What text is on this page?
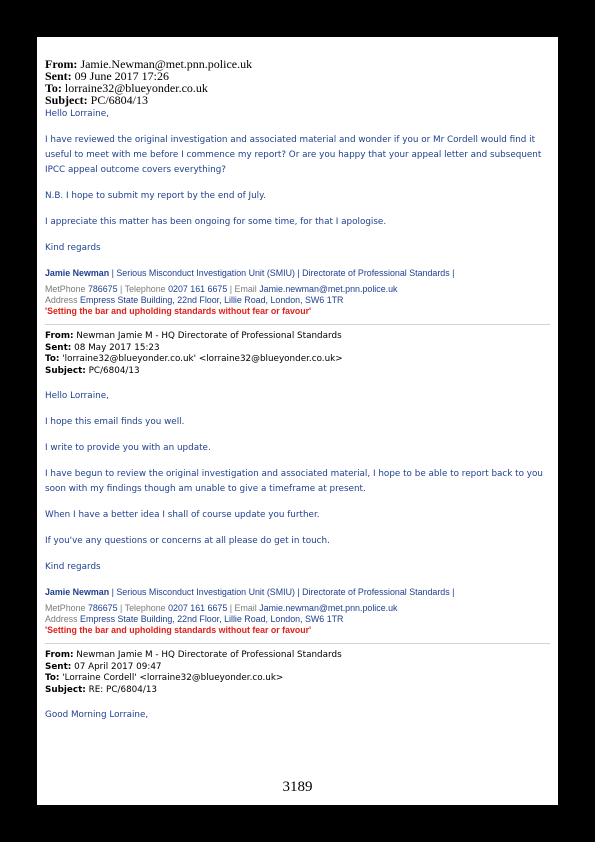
From: Jamie.Newman@met.pnn.police.uk
Sent: 09 June 2017 17:26
To: lorraine32@blueyonder.co.uk
Subject: PC/6804/13

Hello Lorraine,

I have reviewed the original investigation and associated material and wonder if you or Mr Cordell would find it useful to meet with me before I commence my report? Or are you happy that your appeal letter and subsequent IPCC appeal outcome covers everything?

N.B. I hope to submit my report by the end of July.

I appreciate this matter has been ongoing for some time, for that I apologise.

Kind regards

Jamie Newman | Serious Misconduct Investigation Unit (SMIU) | Directorate of Professional Standards |
MetPhone 786675 | Telephone 0207 161 6675 | Email Jamie.newman@met.pnn.police.uk
Address Empress State Building, 22nd Floor, Lillie Road, London, SW6 1TR
'Setting the bar and upholding standards without fear or favour'
From: Newman Jamie M - HQ Directorate of Professional Standards
Sent: 08 May 2017 15:23
To: 'lorraine32@blueyonder.co.uk' <lorraine32@blueyonder.co.uk>
Subject: PC/6804/13

Hello Lorraine,

I hope this email finds you well.

I write to provide you with an update.

I have begun to review the original investigation and associated material, I hope to be able to report back to you soon with my findings though am unable to give a timeframe at present.

When I have a better idea I shall of course update you further.

If you've any questions or concerns at all please do get in touch.

Kind regards

Jamie Newman | Serious Misconduct Investigation Unit (SMIU) | Directorate of Professional Standards |
MetPhone 786675 | Telephone 0207 161 6675 | Email Jamie.newman@met.pnn.police.uk
Address Empress State Building, 22nd Floor, Lillie Road, London, SW6 1TR
'Setting the bar and upholding standards without fear or favour'
From: Newman Jamie M - HQ Directorate of Professional Standards
Sent: 07 April 2017 09:47
To: 'Lorraine Cordell' <lorraine32@blueyonder.co.uk>
Subject: RE: PC/6804/13

Good Morning Lorraine,

3189
